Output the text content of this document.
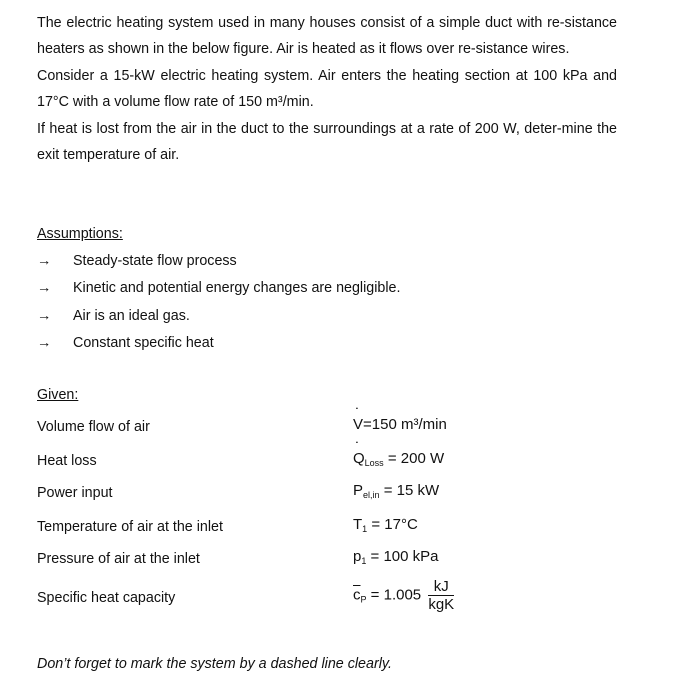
The electric heating system used in many houses consist of a simple duct with re-sistance heaters as shown in the below figure. Air is heated as it flows over re-sistance wires.

Consider a 15-kW electric heating system. Air enters the heating section at 100 kPa and 17°C with a volume flow rate of 150 m³/min.

If heat is lost from the air in the duct to the surroundings at a rate of 200 W, deter-mine the exit temperature of air.

Assumptions:
→	Steady-state flow process
→	Kinetic and potential energy changes are negligible.
→	Air is an ideal gas.
→	Constant specific heat
Given:
Volume flow of air	˙ V=150 m³/min
Heat loss	˙ $Q_{Loss} = 200$ W
Power input	$P_{el,in} = 15$ kW
Temperature of air at the inlet	$T_1 = 17^\circ C$
Pressure of air at the inlet	$p_1 = 100$ kPa
Specific heat capacity	$\overline{c}_P = 1.005 \frac{kJ}{\text{kgK}}$
Don’t forget to mark the system by a dashed line clearly.
